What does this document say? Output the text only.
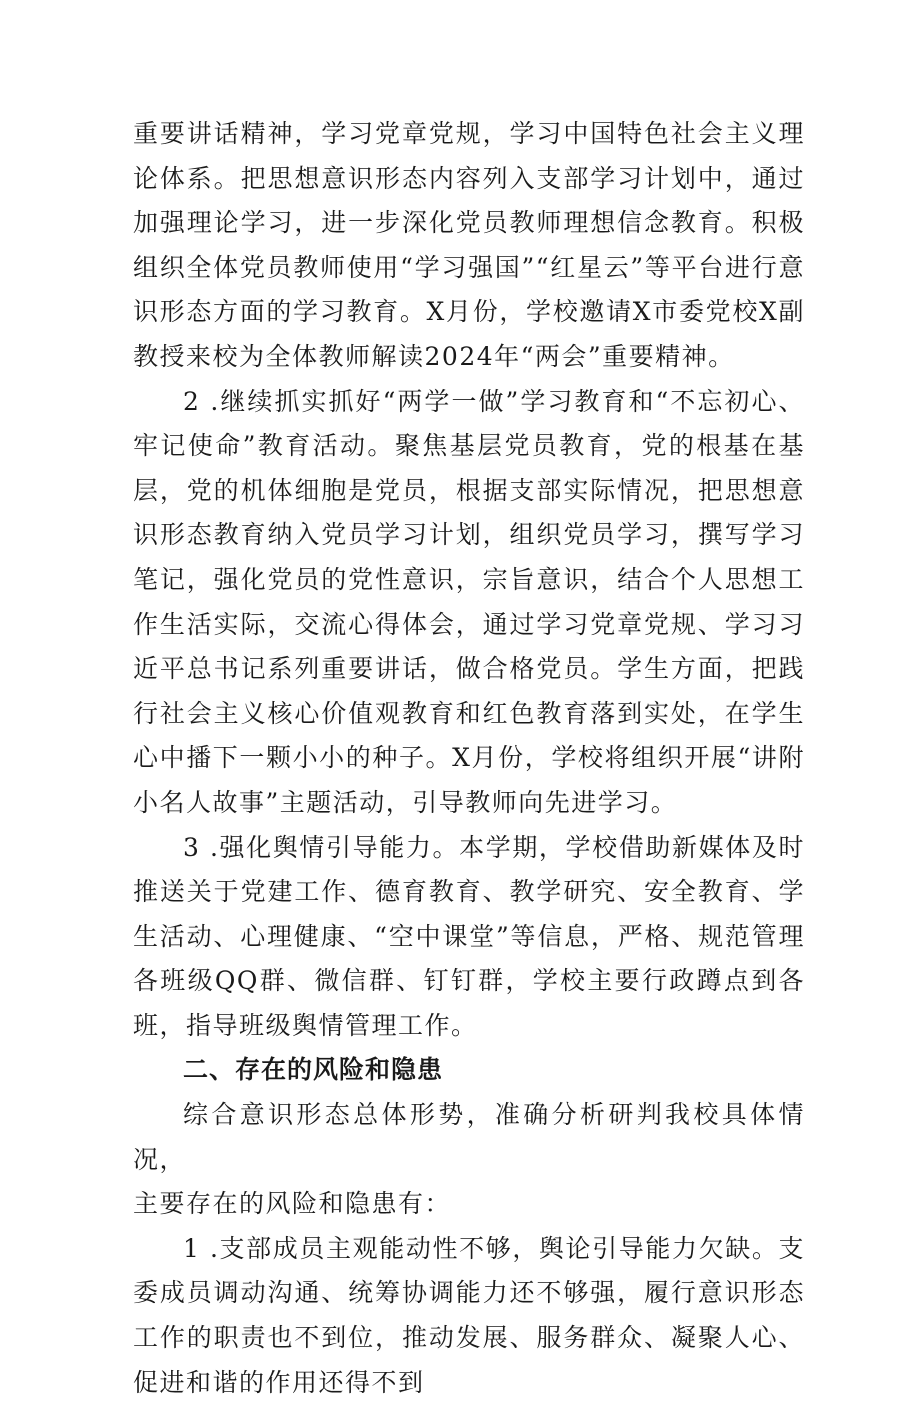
重要讲话精神，学习党章党规，学习中国特色社会主义理论体系。把思想意识形态内容列入支部学习计划中，通过加强理论学习，进一步深化党员教师理想信念教育。积极组织全体党员教师使用“学习强国”“红星云”等平台进行意识形态方面的学习教育。X月份，学校邀请X市委党校X副教授来校为全体教师解读2024年“两会”重要精神。

2 .继续抓实抓好“两学一做”学习教育和“不忘初心、牢记使命”教育活动。聚焦基层党员教育，党的根基在基层，党的机体细胞是党员，根据支部实际情况，把思想意识形态教育纳入党员学习计划，组织党员学习，撰写学习笔记，强化党员的党性意识，宗旨意识，结合个人思想工作生活实际，交流心得体会，通过学习党章党规、学习习近平总书记系列重要讲话，做合格党员。学生方面，把践行社会主义核心价值观教育和红色教育落到实处，在学生心中播下一颗小小的种子。X月份，学校将组织开展“讲附小名人故事”主题活动，引导教师向先进学习。

3 .强化舆情引导能力。本学期，学校借助新媒体及时推送关于党建工作、德育教育、教学研究、安全教育、学生活动、心理健康、“空中课堂”等信息，严格、规范管理各班级QQ群、微信群、钉钉群，学校主要行政蹲点到各班，指导班级舆情管理工作。

二、存在的风险和隐患

综合意识形态总体形势，准确分析研判我校具体情况，

主要存在的风险和隐患有：

1 .支部成员主观能动性不够，舆论引导能力欠缺。支委成员调动沟通、统筹协调能力还不够强，履行意识形态工作的职责也不到位，推动发展、服务群众、凝聚人心、促进和谐的作用还得不到
